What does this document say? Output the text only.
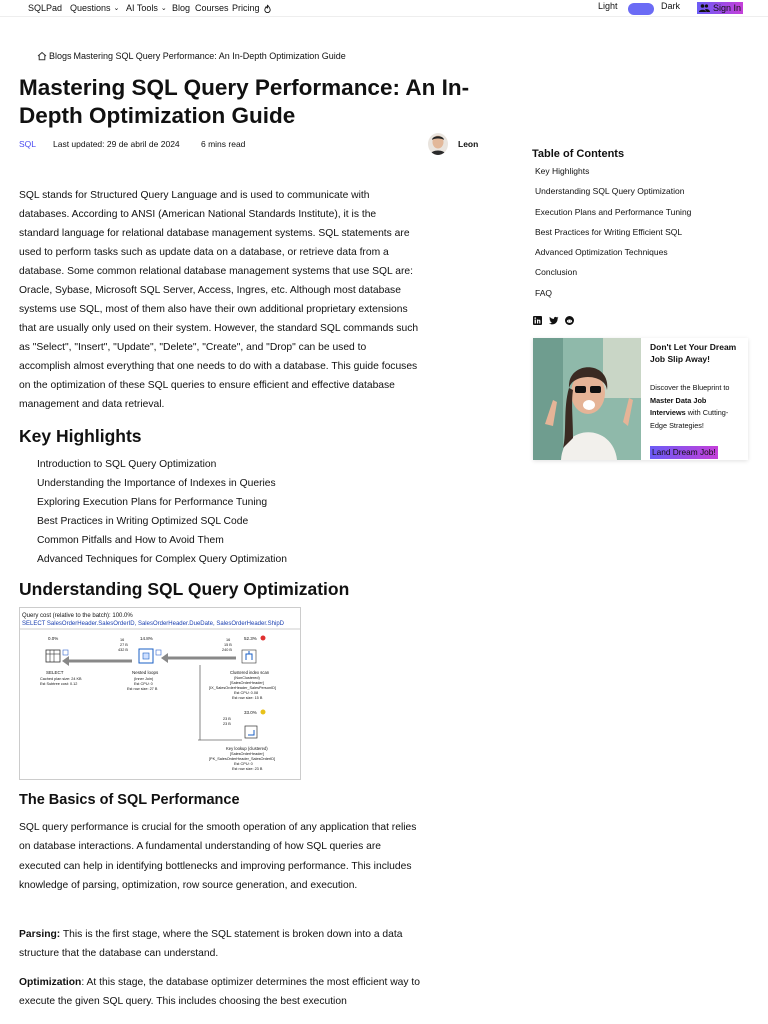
SQLPad Questions ⌄ AI Tools ⌄ Blog Courses Pricing	Light	Dark	Sign In
Blogs Mastering SQL Query Performance: An In-Depth Optimization Guide
Mastering SQL Query Performance: An In-Depth Optimization Guide
SQL Last updated: 29 de abril de 2024	6 mins read	Leon

SQL stands for Structured Query Language and is used to communicate with databases. According to ANSI (American National Standards Institute), it is the standard language for relational database management systems. SQL statements are used to perform tasks such as update data on a database, or retrieve data from a database. Some common relational database management systems that use SQL are: Oracle, Sybase, Microsoft SQL Server, Access, Ingres, etc. Although most database systems use SQL, most of them also have their own additional proprietary extensions that are usually only used on their system. However, the standard SQL commands such as "Select", "Insert", "Update", "Delete", "Create", and "Drop" can be used to accomplish almost everything that one needs to do with a database. This guide focuses on the optimization of these SQL queries to ensure efficient and effective database management and data retrieval.

Key Highlights
Introduction to SQL Query Optimization
Understanding the Importance of Indexes in Queries
Exploring Execution Plans for Performance Tuning
Best Practices in Writing Optimized SQL Code
Common Pitfalls and How to Avoid Them
Advanced Techniques for Complex Query Optimization
Understanding SQL Query Optimization
Query cost (relative to the batch): 100.0%
SELECT SalesOrderHeader.SalesOrderID, SalesOrderHeader.DueDate, SalesOrderHeader.ShipD
0.0%	14.8%	52.3%
16
27 B
432 B
16
15 B
240 B
SELECT
Cached plan size: 24 KB
Est Subtree cost: 0.12
Nested loops
(Inner Join)
Est CPU: 0
Est row size: 27 B
Clustered index scan
(NonClustered)
[SalesOrderHeader]
[IX_SalesOrderHeader_SalesPersonID]
Est CPU: 0.08
Est row size: 15 B
33.0%
23 B
23 B
Key lookup (clustered)
[SalesOrderHeader]
[PK_SalesOrderHeader_SalesOrderID]
Est CPU: 0
Est row size: 23 B
The Basics of SQL Performance

SQL query performance is crucial for the smooth operation of any application that relies on database interactions. A fundamental understanding of how SQL queries are executed can help in identifying bottlenecks and improving performance. This includes knowledge of parsing, optimization, row source generation, and execution.

Parsing: This is the first stage, where the SQL statement is broken down into a data structure that the database can understand.

Optimization: At this stage, the database optimizer determines the most efficient way to execute the given SQL query. This includes choosing the best execution

Table of Contents
Key Highlights
Understanding SQL Query Optimization
Execution Plans and Performance Tuning
Best Practices for Writing Efficient SQL
Advanced Optimization Techniques
Conclusion
FAQ
Don't Let Your Dream Job Slip Away!
Discover the Blueprint to Master Data Job Interviews with Cutting-Edge Strategies!
Land Dream Job!
